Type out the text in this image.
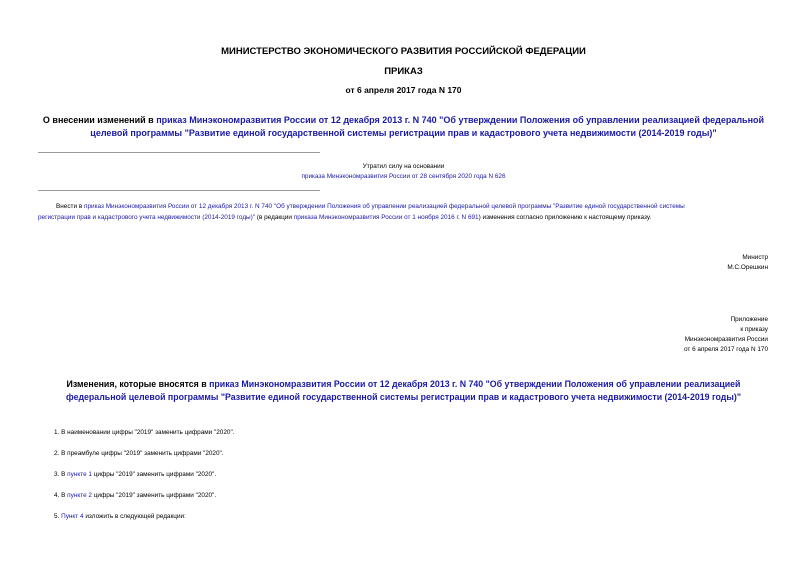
МИНИСТЕРСТВО ЭКОНОМИЧЕСКОГО РАЗВИТИЯ РОССИЙСКОЙ ФЕДЕРАЦИИ
ПРИКАЗ
от 6 апреля 2017 года N 170
О внесении изменений в приказ Минэкономразвития России от 12 декабря 2013 г. N 740 "Об утверждении Положения об управлении реализацией федеральной
целевой программы "Развитие единой государственной системы регистрации прав и кадастрового учета недвижимости (2014-2019 годы)"
Утратил силу на основании
приказа Минэкономразвития России от 28 сентября 2020 года N 626
Внести в приказ Минэкономразвития России от 12 декабря 2013 г. N 740 "Об утверждении Положения об управлении реализацией федеральной целевой программы "Развитие единой государственной системы
регистрации прав и кадастрового учета недвижимости (2014-2019 годы)" (в редакции приказа Минэкономразвития России от 1 ноября 2016 г. N 691) изменения согласно приложению к настоящему приказу.
Министр
М.С.Орешкин
Приложение
к приказу
Минэкономразвития России
от 6 апреля 2017 года N 170
Изменения, которые вносятся в приказ Минэкономразвития России от 12 декабря 2013 г. N 740 "Об утверждении Положения об управлении реализацией
федеральной целевой программы "Развитие единой государственной системы регистрации прав и кадастрового учета недвижимости (2014-2019 годы)"
1. В наименовании цифры "2019" заменить цифрами "2020".
2. В преамбуле цифры "2019" заменить цифрами "2020".
3. В пункте 1 цифры "2019" заменить цифрами "2020".
4. В пункте 2 цифры "2019" заменить цифрами "2020".
5. Пункт 4 изложить в следующей редакции:
